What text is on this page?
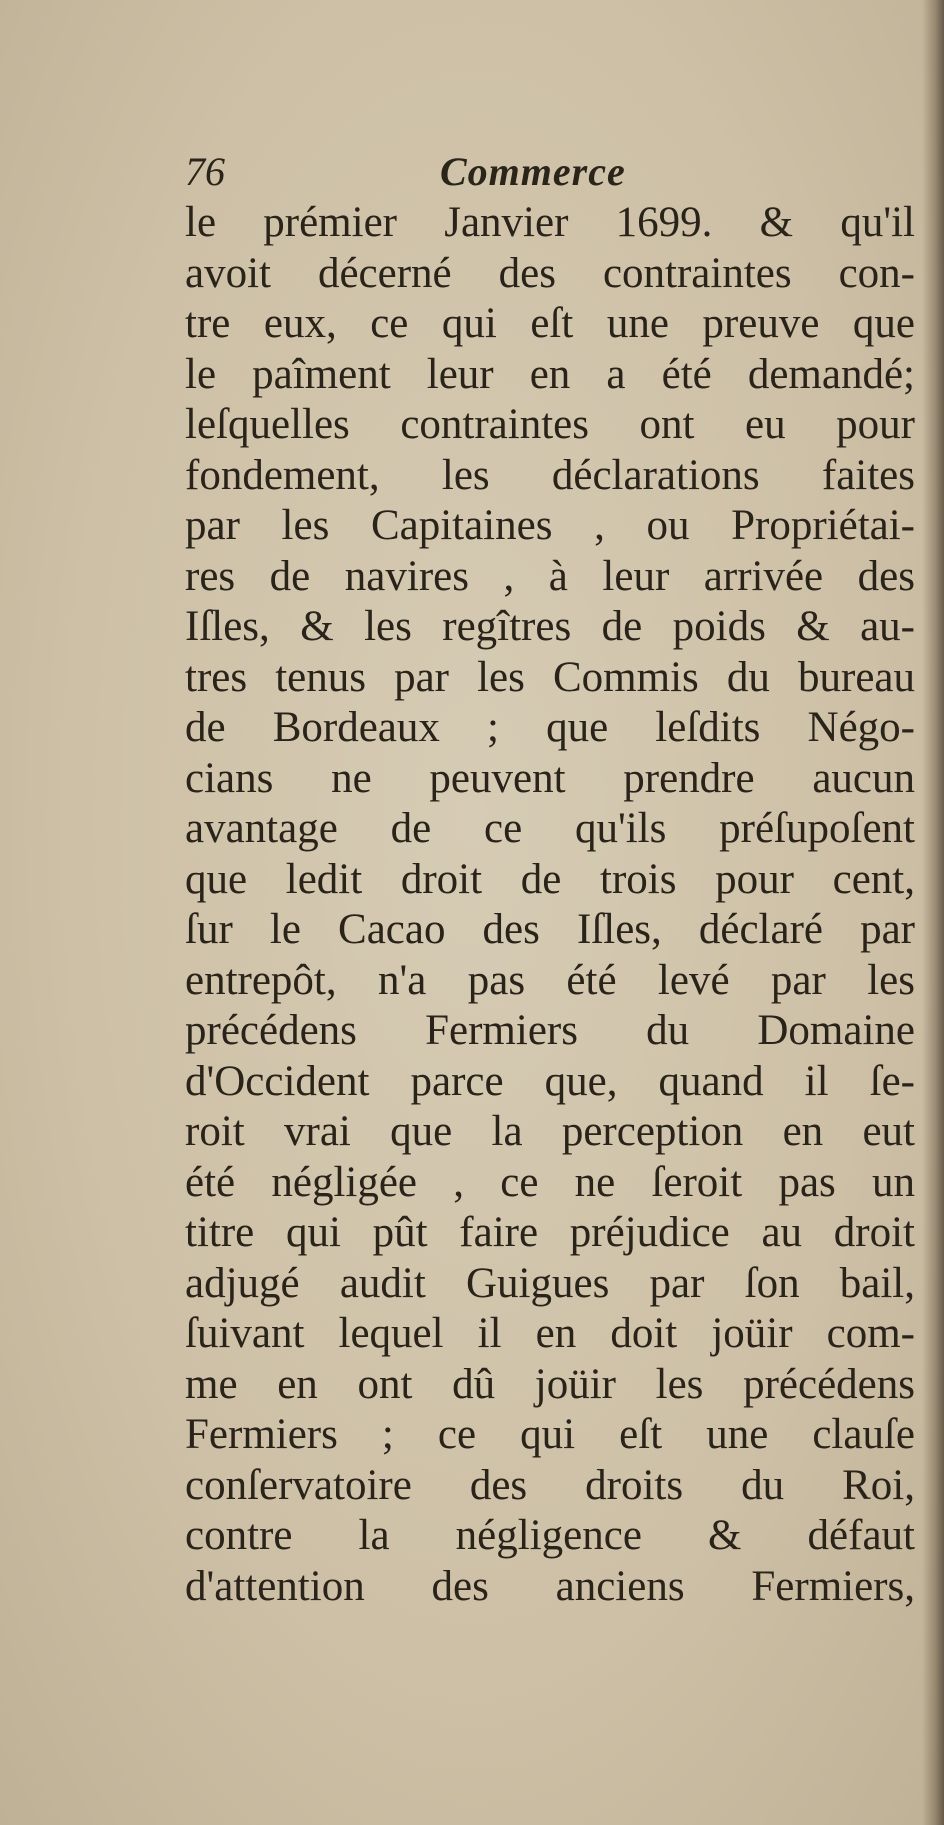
76	Commerce
le prémier Janvier 1699. & qu'il
avoit décerné des contraintes con-
tre eux, ce qui eſt une preuve que
le paîment leur en a été demandé;
leſquelles contraintes ont eu pour
fondement, les déclarations faites
par les Capitaines , ou Propriétai-
res de navires , à leur arrivée des
Iſles, & les regîtres de poids & au-
tres tenus par les Commis du bureau
de Bordeaux ; que leſdits Négo-
cians ne peuvent prendre aucun
avantage de ce qu'ils préſupoſent
que ledit droit de trois pour cent,
ſur le Cacao des Iſles, déclaré par
entrepôt, n'a pas été levé par les
précédens Fermiers du Domaine
d'Occident parce que, quand il ſe-
roit vrai que la perception en eut
été négligée , ce ne ſeroit pas un
titre qui pût faire préjudice au droit
adjugé audit Guigues par ſon bail,
ſuivant lequel il en doit joüir com-
me en ont dû joüir les précédens
Fermiers ; ce qui eſt une clauſe
conſervatoire des droits du Roi,
contre la négligence & défaut
d'attention des anciens Fermiers,
